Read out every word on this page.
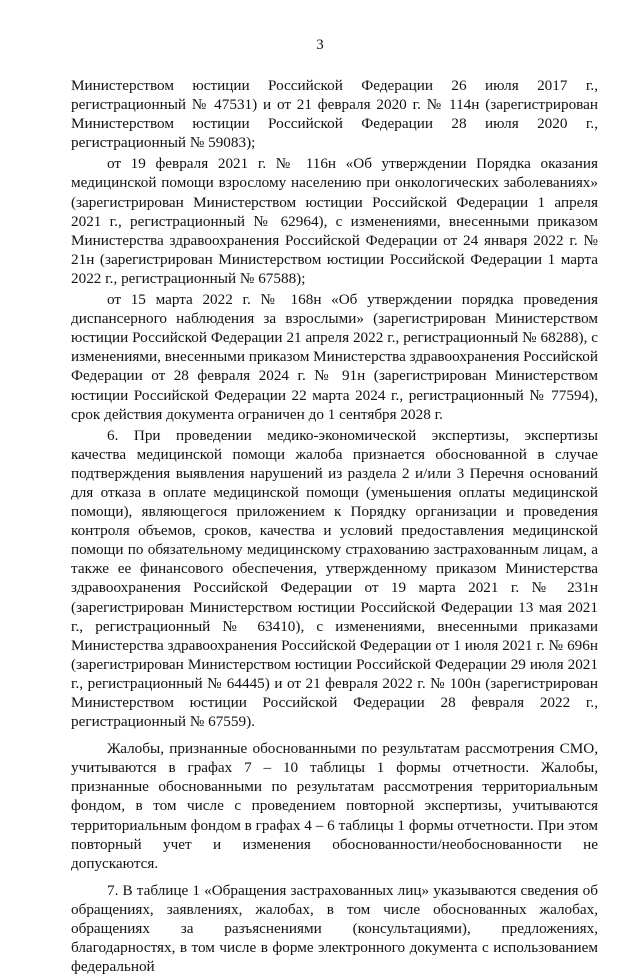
3

Министерством юстиции Российской Федерации 26 июля 2017 г., регистрационный № 47531) и от 21 февраля 2020 г. № 114н (зарегистрирован Министерством юстиции Российской Федерации 28 июля 2020 г., регистрационный № 59083);

от 19 февраля 2021 г. № 116н «Об утверждении Порядка оказания медицинской помощи взрослому населению при онкологических заболеваниях» (зарегистрирован Министерством юстиции Российской Федерации 1 апреля 2021 г., регистрационный № 62964), с изменениями, внесенными приказом Министерства здравоохранения Российской Федерации от 24 января 2022 г. № 21н (зарегистрирован Министерством юстиции Российской Федерации 1 марта 2022 г., регистрационный № 67588);

от 15 марта 2022 г. № 168н «Об утверждении порядка проведения диспансерного наблюдения за взрослыми» (зарегистрирован Министерством юстиции Российской Федерации 21 апреля 2022 г., регистрационный № 68288), с изменениями, внесенными приказом Министерства здравоохранения Российской Федерации от 28 февраля 2024 г. № 91н (зарегистрирован Министерством юстиции Российской Федерации 22 марта 2024 г., регистрационный № 77594), срок действия документа ограничен до 1 сентября 2028 г.

6. При проведении медико-экономической экспертизы, экспертизы качества медицинской помощи жалоба признается обоснованной в случае подтверждения выявления нарушений из раздела 2 и/или 3 Перечня оснований для отказа в оплате медицинской помощи (уменьшения оплаты медицинской помощи), являющегося приложением к Порядку организации и проведения контроля объемов, сроков, качества и условий предоставления медицинской помощи по обязательному медицинскому страхованию застрахованным лицам, а также ее финансового обеспечения, утвержденному приказом Министерства здравоохранения Российской Федерации от 19 марта 2021 г. № 231н (зарегистрирован Министерством юстиции Российской Федерации 13 мая 2021 г., регистрационный № 63410), с изменениями, внесенными приказами Министерства здравоохранения Российской Федерации от 1 июля 2021 г. № 696н (зарегистрирован Министерством юстиции Российской Федерации 29 июля 2021 г., регистрационный № 64445) и от 21 февраля 2022 г. № 100н (зарегистрирован Министерством юстиции Российской Федерации 28 февраля 2022 г., регистрационный № 67559).

Жалобы, признанные обоснованными по результатам рассмотрения СМО, учитываются в графах 7 – 10 таблицы 1 формы отчетности. Жалобы, признанные обоснованными по результатам рассмотрения территориальным фондом, в том числе с проведением повторной экспертизы, учитываются территориальным фондом в графах 4 – 6 таблицы 1 формы отчетности. При этом повторный учет и изменения обоснованности/необоснованности не допускаются.

7. В таблице 1 «Обращения застрахованных лиц» указываются сведения об обращениях, заявлениях, жалобах, в том числе обоснованных жалобах, обращениях за разъяснениями (консультациями), предложениях, благодарностях, в том числе в форме электронного документа с использованием федеральной
